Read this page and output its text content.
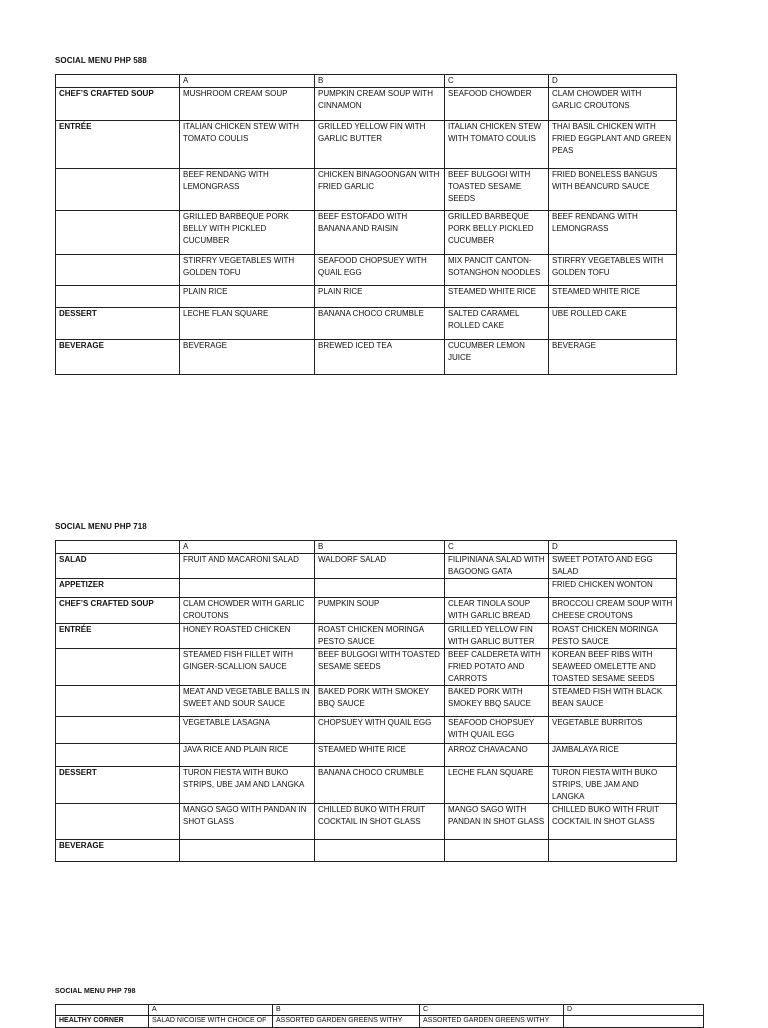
SOCIAL MENU PHP 588
	A	B	C	D
CHEF’S CRAFTED SOUP	MUSHROOM CREAM SOUP	PUMPKIN CREAM SOUP WITH CINNAMON	SEAFOOD CHOWDER	CLAM CHOWDER WITH GARLIC CROUTONS
ENTRÉE	ITALIAN CHICKEN STEW WITH TOMATO COULIS	GRILLED YELLOW FIN WITH GARLIC BUTTER	ITALIAN CHICKEN STEW WITH TOMATO COULIS	THAI BASIL CHICKEN WITH FRIED EGGPLANT AND GREEN PEAS
	BEEF RENDANG WITH LEMONGRASS	CHICKEN BINAGOONGAN WITH FRIED GARLIC	BEEF BULGOGI WITH TOASTED SESAME SEEDS	FRIED BONELESS BANGUS WITH BEANCURD SAUCE
	GRILLED BARBEQUE PORK BELLY WITH PICKLED CUCUMBER	BEEF ESTOFADO WITH BANANA AND RAISIN	GRILLED BARBEQUE PORK BELLY PICKLED CUCUMBER	BEEF RENDANG WITH LEMONGRASS
	STIRFRY VEGETABLES WITH GOLDEN TOFU	SEAFOOD CHOPSUEY WITH QUAIL EGG	MIX PANCIT CANTON-SOTANGHON NOODLES	STIRFRY VEGETABLES WITH GOLDEN TOFU
	PLAIN RICE	PLAIN RICE	STEAMED WHITE RICE	STEAMED WHITE RICE
DESSERT	LECHE FLAN SQUARE	BANANA CHOCO CRUMBLE	SALTED CARAMEL ROLLED CAKE	UBE ROLLED CAKE
BEVERAGE	BEVERAGE	BREWED ICED TEA	CUCUMBER LEMON JUICE	BEVERAGE
SOCIAL MENU PHP 718
	A	B	C	D
SALAD	FRUIT AND MACARONI SALAD	WALDORF SALAD	FILIPINIANA SALAD WITH BAGOONG GATA	SWEET POTATO AND EGG SALAD
APPETIZER				FRIED CHICKEN WONTON
CHEF’S CRAFTED SOUP	CLAM CHOWDER WITH GARLIC CROUTONS	PUMPKIN SOUP	CLEAR TINOLA SOUP WITH GARLIC BREAD	BROCCOLI CREAM SOUP WITH CHEESE CROUTONS
ENTRÉE	HONEY ROASTED CHICKEN	ROAST CHICKEN MORINGA PESTO SAUCE	GRILLED YELLOW FIN WITH GARLIC BUTTER	ROAST CHICKEN MORINGA PESTO SAUCE
	STEAMED FISH FILLET WITH GINGER-SCALLION SAUCE	BEEF BULGOGI WITH TOASTED SESAME SEEDS	BEEF CALDERETA WITH FRIED POTATO AND CARROTS	KOREAN BEEF RIBS WITH SEAWEED OMELETTE AND TOASTED SESAME SEEDS
	MEAT AND VEGETABLE BALLS IN SWEET AND SOUR SAUCE	BAKED PORK WITH SMOKEY BBQ SAUCE	BAKED PORK WITH SMOKEY BBQ SAUCE	STEAMED FISH WITH BLACK BEAN SAUCE
	VEGETABLE LASAGNA	CHOPSUEY WITH QUAIL EGG	SEAFOOD CHOPSUEY WITH QUAIL EGG	VEGETABLE BURRITOS
	JAVA RICE AND PLAIN RICE	STEAMED WHITE RICE	ARROZ CHAVACANO	JAMBALAYA RICE
DESSERT	TURON FIESTA WITH BUKO STRIPS, UBE JAM AND LANGKA	BANANA CHOCO CRUMBLE	LECHE FLAN SQUARE	TURON FIESTA WITH BUKO STRIPS, UBE JAM AND LANGKA
	MANGO SAGO WITH PANDAN IN SHOT GLASS	CHILLED BUKO WITH FRUIT COCKTAIL IN SHOT GLASS	MANGO SAGO WITH PANDAN IN SHOT GLASS	CHILLED BUKO WITH FRUIT COCKTAIL IN SHOT GLASS
BEVERAGE				
SOCIAL MENU PHP 798
	A	B	C	D
HEALTHY CORNER	SALAD NICOISE WITH CHOICE OF	ASSORTED GARDEN GREENS WITHY	ASSORTED GARDEN GREENS WITHY	
